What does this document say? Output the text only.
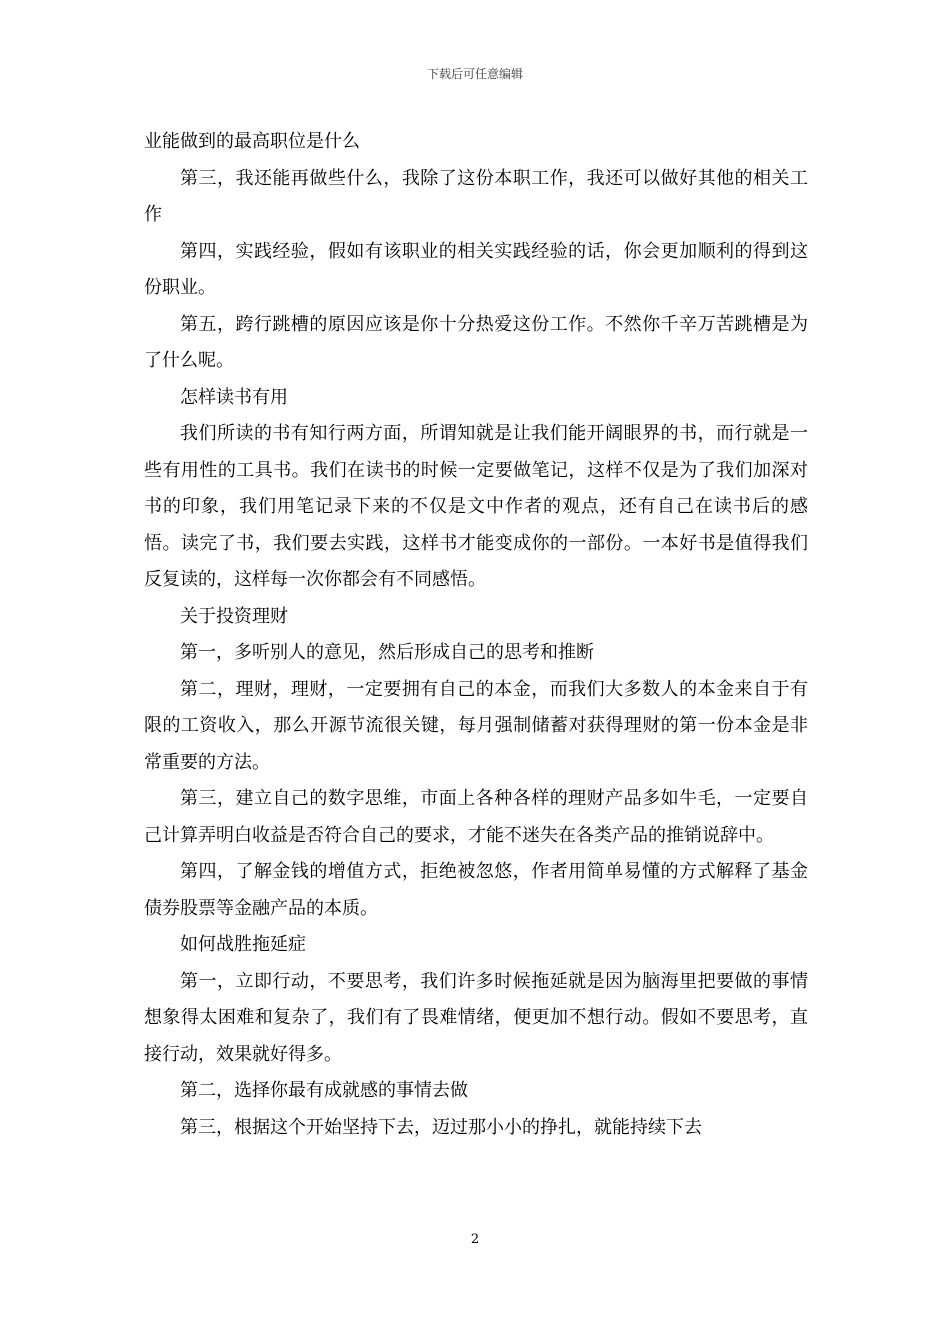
下载后可任意编辑

业能做到的最高职位是什么

第三，我还能再做些什么，我除了这份本职工作，我还可以做好其他的相关工作

第四，实践经验，假如有该职业的相关实践经验的话，你会更加顺利的得到这份职业。

第五，跨行跳槽的原因应该是你十分热爱这份工作。不然你千辛万苦跳槽是为了什么呢。

怎样读书有用

我们所读的书有知行两方面，所谓知就是让我们能开阔眼界的书，而行就是一些有用性的工具书。我们在读书的时候一定要做笔记，这样不仅是为了我们加深对书的印象，我们用笔记录下来的不仅是文中作者的观点，还有自己在读书后的感悟。读完了书，我们要去实践，这样书才能变成你的一部份。一本好书是值得我们反复读的，这样每一次你都会有不同感悟。

关于投资理财

第一，多听别人的意见，然后形成自己的思考和推断

第二，理财，理财，一定要拥有自己的本金，而我们大多数人的本金来自于有限的工资收入，那么开源节流很关键，每月强制储蓄对获得理财的第一份本金是非常重要的方法。

第三，建立自己的数字思维，市面上各种各样的理财产品多如牛毛，一定要自己计算弄明白收益是否符合自己的要求，才能不迷失在各类产品的推销说辞中。

第四，了解金钱的增值方式，拒绝被忽悠，作者用简单易懂的方式解释了基金债券股票等金融产品的本质。

如何战胜拖延症

第一，立即行动，不要思考，我们许多时候拖延就是因为脑海里把要做的事情想象得太困难和复杂了，我们有了畏难情绪，便更加不想行动。假如不要思考，直接行动，效果就好得多。

第二，选择你最有成就感的事情去做

第三，根据这个开始坚持下去，迈过那小小的挣扎，就能持续下去

2
